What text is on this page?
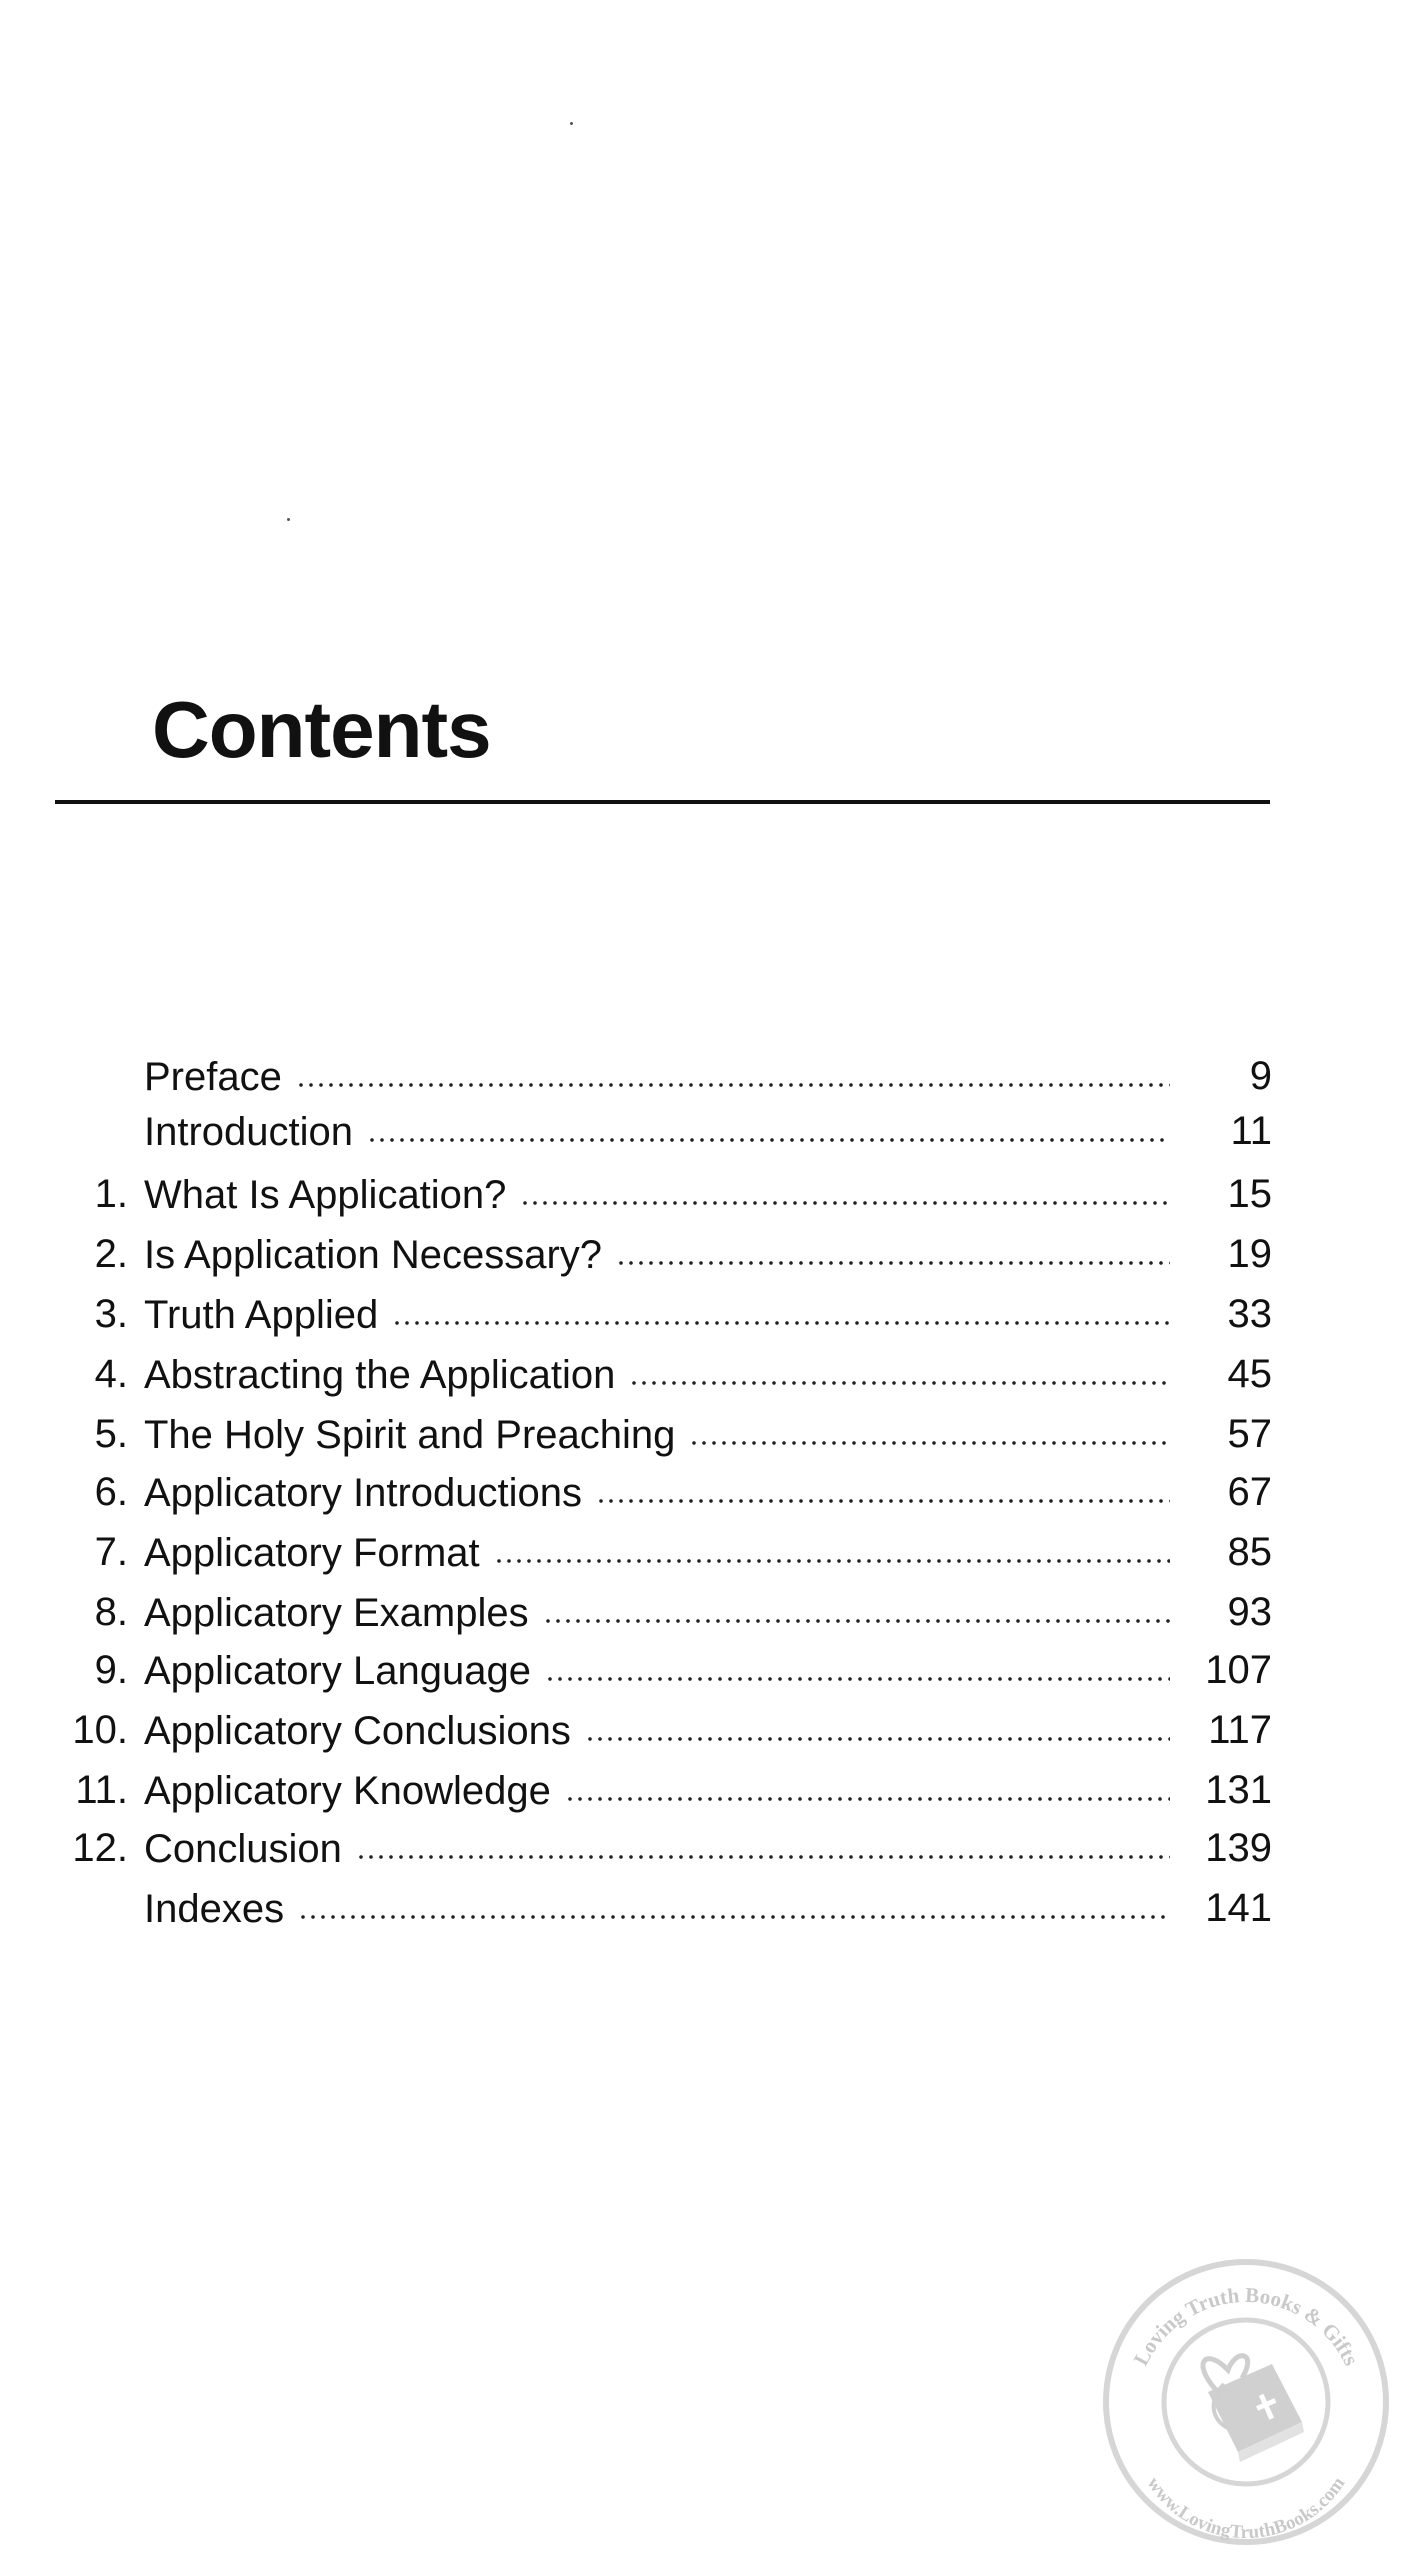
Contents
Preface	9
Introduction	11
1. What Is Application?	15
2. Is Application Necessary?	19
3. Truth Applied	33
4. Abstracting the Application	45
5. The Holy Spirit and Preaching	57
6. Applicatory Introductions	67
7. Applicatory Format	85
8. Applicatory Examples	93
9. Applicatory Language	107
10. Applicatory Conclusions	117
11. Applicatory Knowledge	131
12. Conclusion	139
Indexes	141
Loving Truth Books & Gifts
www.LovingTruthBooks.com
